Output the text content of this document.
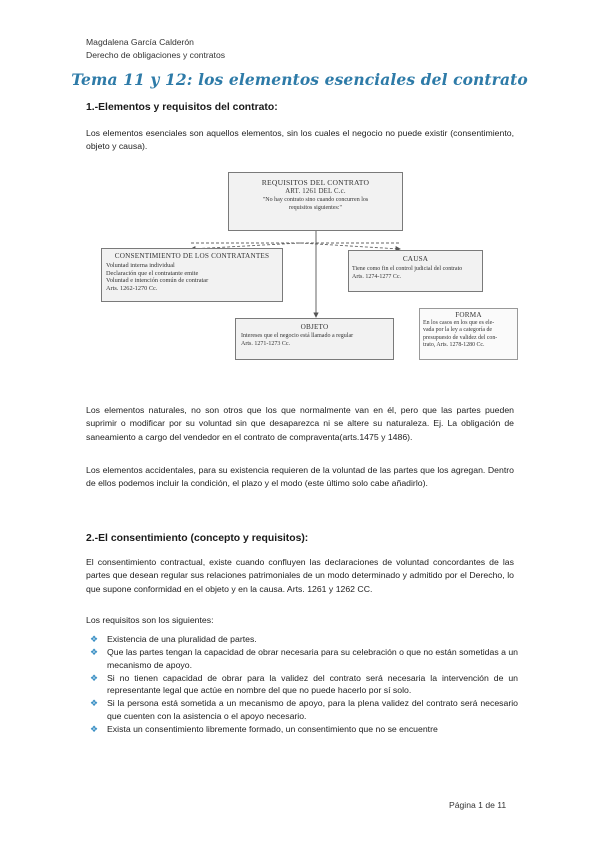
Magdalena García Calderón
Derecho de obligaciones y contratos
Tema 11 y 12: los elementos esenciales del contrato
1.-Elementos y requisitos del contrato:
Los elementos esenciales son aquellos elementos, sin los cuales el negocio no puede existir (consentimiento, objeto y causa).
REQUISITOS DEL CONTRATO
ART. 1261 DEL C.c.
"No hay contrato sino cuando concurren los
requisitos siguientes:"
CONSENTIMIENTO DE LOS CONTRATANTES
Voluntad interna individual
Declaración que el contratante emite
Voluntad e intención común de contratar
Arts. 1262-1270 Cc.
CAUSA
Tiene como fin el control judicial del contrato
Arts. 1274-1277 Cc.
OBJETO
Intereses que el negocio está llamado a regular
Arts. 1271-1273 Cc.
FORMA
En los casos en los que es ele-
vada por la ley a categoría de
presupuesto de validez del con-
trato, Arts. 1278-1280 Cc.
Los elementos naturales, no son otros que los que normalmente van en él, pero que las partes pueden suprimir o modificar por su voluntad sin que desaparezca ni se altere su naturaleza. Ej. La obligación de saneamiento a cargo del vendedor en el contrato de compraventa(arts.1475 y 1486).
Los elementos accidentales, para su existencia requieren de la voluntad de las partes que los agregan. Dentro de ellos podemos incluir la condición, el plazo y el modo (este último solo cabe añadirlo).
2.-El consentimiento (concepto y requisitos):
El consentimiento contractual, existe cuando confluyen las declaraciones de voluntad concordantes de las partes que desean regular sus relaciones patrimoniales de un modo determinado y admitido por el Derecho, lo que supone conformidad en el objeto y en la causa. Arts. 1261 y 1262 CC.
Los requisitos son los siguientes:
❖ Existencia de una pluralidad de partes.
❖ Que las partes tengan la capacidad de obrar necesaria para su celebración o que no están sometidas a un mecanismo de apoyo.
❖ Si no tienen capacidad de obrar para la validez del contrato será necesaria la intervención de un representante legal que actúe en nombre del que no puede hacerlo por sí solo.
❖ Si la persona está sometida a un mecanismo de apoyo, para la plena validez del contrato será necesario que cuenten con la asistencia o el apoyo necesario.
❖ Exista un consentimiento libremente formado, un consentimiento que no se encuentre
Página 1 de 11
